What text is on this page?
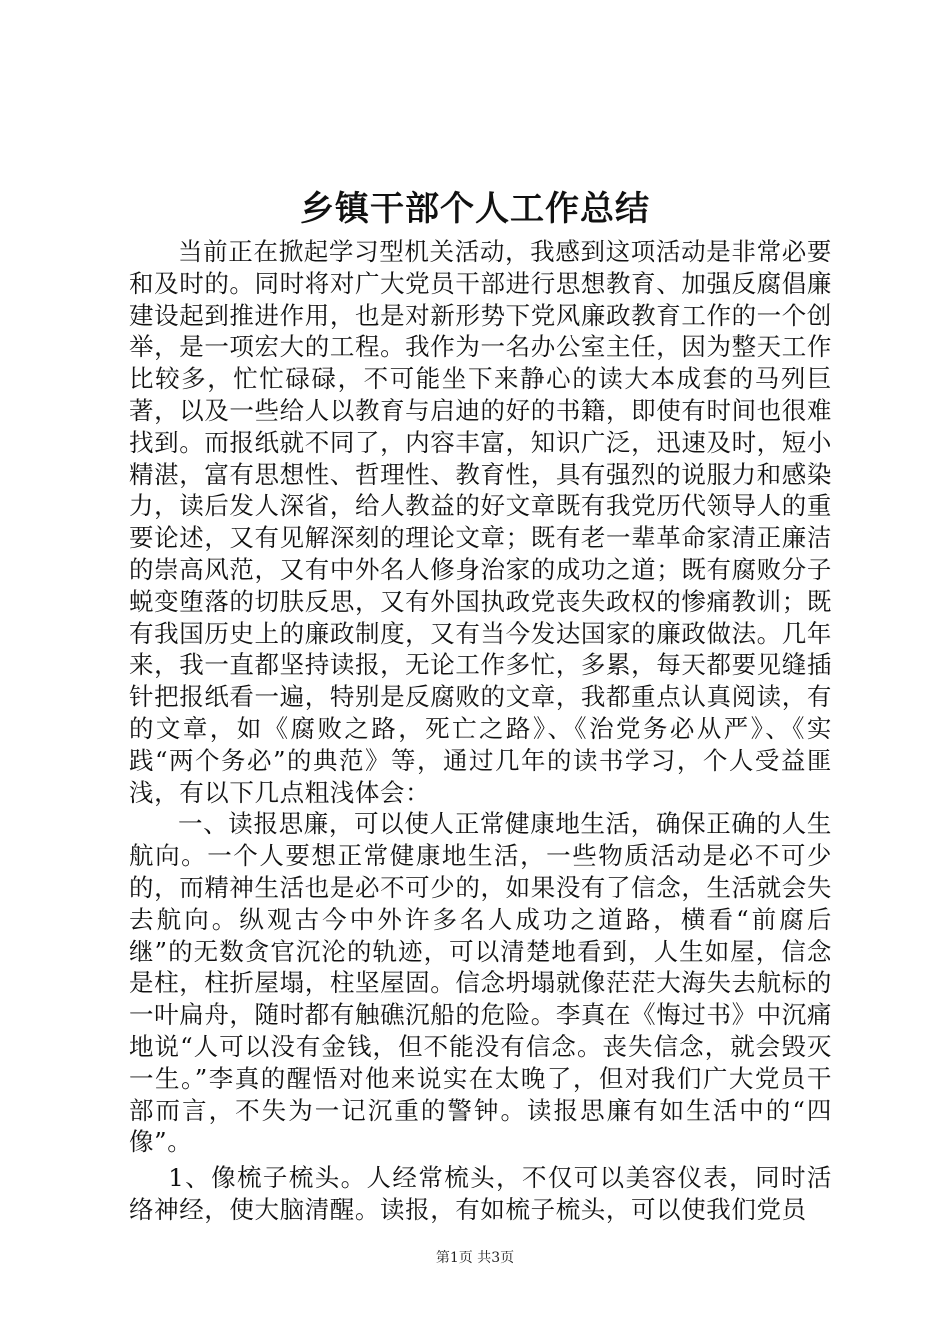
乡镇干部个人工作总结

当前正在掀起学习型机关活动，我感到这项活动是非常必要和及时的。同时将对广大党员干部进行思想教育、加强反腐倡廉建设起到推进作用，也是对新形势下党风廉政教育工作的一个创举，是一项宏大的工程。我作为一名办公室主任，因为整天工作比较多，忙忙碌碌，不可能坐下来静心的读大本成套的马列巨著，以及一些给人以教育与启迪的好的书籍，即使有时间也很难找到。而报纸就不同了，内容丰富，知识广泛，迅速及时，短小精湛，富有思想性、哲理性、教育性，具有强烈的说服力和感染力，读后发人深省，给人教益的好文章既有我党历代领导人的重要论述，又有见解深刻的理论文章；既有老一辈革命家清正廉洁的崇高风范，又有中外名人修身治家的成功之道；既有腐败分子蜕变堕落的切肤反思，又有外国执政党丧失政权的惨痛教训；既有我国历史上的廉政制度，又有当今发达国家的廉政做法。几年来，我一直都坚持读报，无论工作多忙，多累，每天都要见缝插针把报纸看一遍，特别是反腐败的文章，我都重点认真阅读，有的文章，如《腐败之路，死亡之路》、《治党务必从严》、《实践“两个务必”的典范》等，通过几年的读书学习，个人受益匪浅，有以下几点粗浅体会：

一、读报思廉，可以使人正常健康地生活，确保正确的人生航向。一个人要想正常健康地生活，一些物质活动是必不可少的，而精神生活也是必不可少的，如果没有了信念，生活就会失去航向。纵观古今中外许多名人成功之道路，横看“前腐后继”的无数贪官沉沦的轨迹，可以清楚地看到，人生如屋，信念是柱，柱折屋塌，柱坚屋固。信念坍塌就像茫茫大海失去航标的一叶扁舟，随时都有触礁沉船的危险。李真在《悔过书》中沉痛地说“人可以没有金钱，但不能没有信念。丧失信念，就会毁灭一生。”李真的醒悟对他来说实在太晚了，但对我们广大党员干部而言，不失为一记沉重的警钟。读报思廉有如生活中的“四像”。

1、像梳子梳头。人经常梳头，不仅可以美容仪表，同时活络神经，使大脑清醒。读报，有如梳子梳头，可以使我们党员

第1页 共3页
